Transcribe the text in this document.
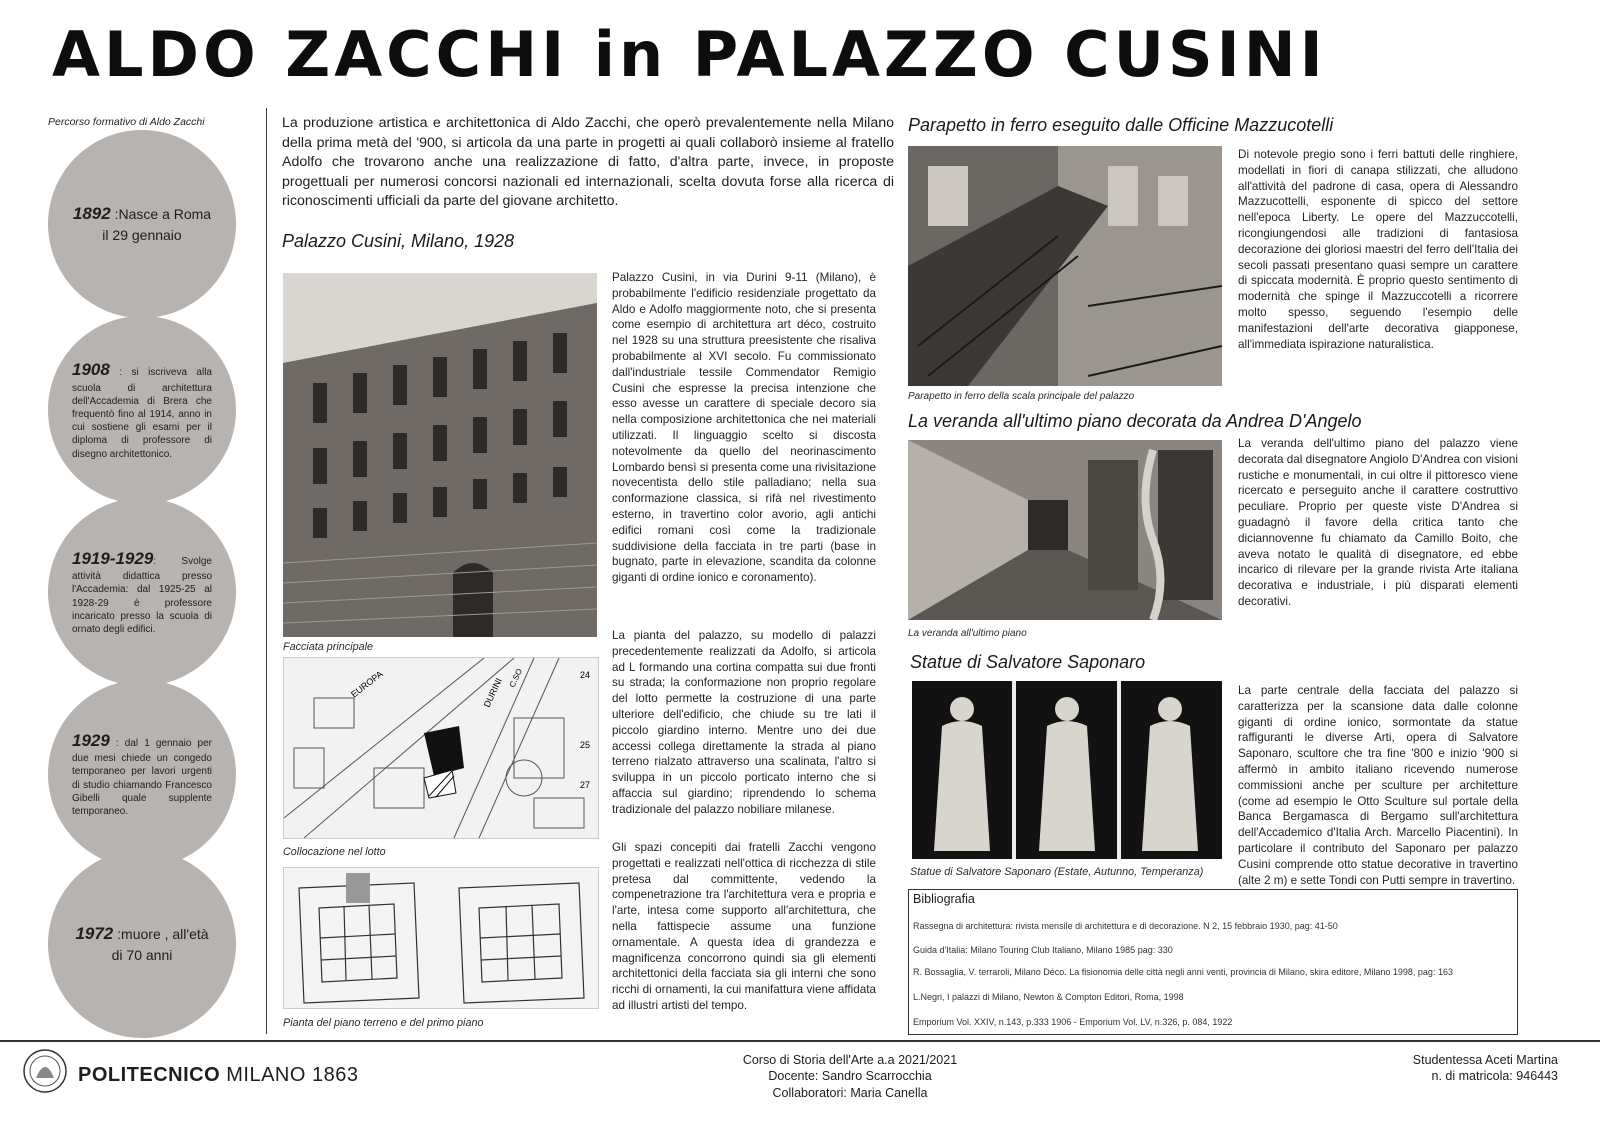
ALDO ZACCHI in PALAZZO CUSINI
Percorso formativo di Aldo Zacchi
1892 :Nasce a Roma il 29 gennaio
1908 : si iscriveva alla scuola di architettura dell'Accademia di Brera che frequentò fino al 1914, anno in cui sostiene gli esami per il diploma di professore di disegno architettonico.
1919-1929: Svolge attività didattica presso l'Accademia: dal 1925-25 al 1928-29 è professore incaricato presso la scuola di ornato degli edifici.
1929 : dal 1 gennaio per due mesi chiede un congedo temporaneo per lavori urgenti di studio chiamando Francesco Gibelli quale supplente temporaneo.
1972 :muore , all'età di 70 anni
La produzione artistica e architettonica di Aldo Zacchi, che operò prevalentemente nella Milano della prima metà del '900, si articola da una parte in progetti ai quali collaborò insieme al fratello Adolfo che trovarono anche una realizzazione di fatto, d'altra parte, invece, in proposte progettuali per numerosi concorsi nazionali ed internazionali, scelta dovuta forse alla ricerca di riconoscimenti ufficiali da parte del giovane architetto.
Palazzo Cusini, Milano, 1928
Facciata principale
EUROPA	DURINI C.SO	24
25
27
Collocazione nel lotto
Pianta del piano terreno e del primo piano
Palazzo Cusini, in via Durini 9-11 (Milano), è probabilmente l'edificio residenziale progettato da Aldo e Adolfo maggiormente noto, che si presenta come esempio di architettura art déco, costruito nel 1928 su una struttura preesistente che risaliva probabilmente al XVI secolo. Fu commissionato dall'industriale tessile Commendator Remigio Cusini che espresse la precisa intenzione che esso avesse un carattere di speciale decoro sia nella composizione architettonica che nei materiali utilizzati. Il linguaggio scelto si discosta notevolmente da quello del neorinascimento Lombardo bensì si presenta come una rivisitazione novecentista dello stile palladiano; nella sua conformazione classica, si rifà nel rivestimento esterno, in travertino color avorio, agli antichi edifici romani così come la tradizionale suddivisione della facciata in tre parti (base in bugnato, parte in elevazione, scandita da colonne giganti di ordine ionico e coronamento).
La pianta del palazzo, su modello di palazzi precedentemente realizzati da Adolfo, si articola ad L formando una cortina compatta sui due fronti su strada; la conformazione non proprio regolare del lotto permette la costruzione di una parte ulteriore dell'edificio, che chiude su tre lati il piccolo giardino interno. Mentre uno dei due accessi collega direttamente la strada al piano terreno rialzato attraverso una scalinata, l'altro si sviluppa in un piccolo porticato interno che si affaccia sul giardino; riprendendo lo schema tradizionale del palazzo nobiliare milanese.
Gli spazi concepiti dai fratelli Zacchi vengono progettati e realizzati nell'ottica di ricchezza di stile pretesa dal committente, vedendo la compenetrazione tra l'architettura vera e propria e l'arte, intesa come supporto all'architettura, che nella fattispecie assume una funzione ornamentale. A questa idea di grandezza e magnificenza concorrono quindi sia gli elementi architettonici della facciata sia gli interni che sono ricchi di ornamenti, la cui manifattura viene affidata ad illustri artisti del tempo.
Parapetto in ferro eseguito dalle Officine Mazzucotelli
Parapetto in ferro della scala principale del palazzo
Di notevole pregio sono i ferri battuti delle ringhiere, modellati in fiori di canapa stilizzati, che alludono all'attività del padrone di casa, opera di Alessandro Mazzucottelli, esponente di spicco del settore nell'epoca Liberty. Le opere del Mazzuccotelli, ricongiungendosi alle tradizioni di fantasiosa decorazione dei gloriosi maestri del ferro dell'Italia dei secoli passati presentano quasi sempre un carattere di spiccata modernità. È proprio questo sentimento di modernità che spinge il Mazzuccotelli a ricorrere molto spesso, seguendo l'esempio delle manifestazioni dell'arte decorativa giapponese, all'immediata ispirazione naturalistica.
La veranda all'ultimo piano decorata da Andrea D'Angelo
La veranda all'ultimo piano
La veranda dell'ultimo piano del palazzo viene decorata dal disegnatore Angiolo D'Andrea con visioni rustiche e monumentali, in cui oltre il pittoresco viene ricercato e perseguito anche il carattere costruttivo peculiare. Proprio per queste viste D'Andrea si guadagnò il favore della critica tanto che diciannovenne fu chiamato da Camillo Boito, che aveva notato le qualità di disegnatore, ed ebbe incarico di rilevare per la grande rivista Arte italiana decorativa e industriale, i più disparati elementi decorativi.
Statue di Salvatore Saponaro
Statue di Salvatore Saponaro (Estate, Autunno, Temperanza)
La parte centrale della facciata del palazzo si caratterizza per la scansione data dalle colonne giganti di ordine ionico, sormontate da statue raffiguranti le diverse Arti, opera di Salvatore Saponaro, scultore che tra fine '800 e inizio '900 si affermò in ambito italiano ricevendo numerose commissioni anche per sculture per architetture (come ad esempio le Otto Sculture sul portale della Banca Bergamasca di Bergamo sull'architettura dell'Accademico d'Italia Arch. Marcello Piacentini). In particolare il contributo del Saponaro per palazzo Cusini comprende otto statue decorative in travertino (alte 2 m) e sette Tondi con Putti sempre in travertino.
Bibliografia
Rassegna di architettura: rivista mensile di architettura e di decorazione. N 2, 15 febbraio 1930, pag: 41-50
Guida d'Italia: Milano Touring Club Italiano, Milano 1985 pag: 330
R. Bossaglia, V. terraroli, Milano Déco. La fisionomia delle città negli anni venti, provincia di Milano, skira editore, Milano 1998, pag: 163
L.Negri, I palazzi di Milano, Newton & Compton Editori, Roma, 1998
Emporium Vol. XXIV, n.143, p.333 1906 - Emporium Vol. LV, n.326, p. 084, 1922
POLITECNICO MILANO 1863
Corso di Storia dell'Arte a.a 2021/2021
Docente: Sandro Scarrocchia
Collaboratori: Maria Canella
Studentessa Aceti Martina
n. di matricola: 946443
